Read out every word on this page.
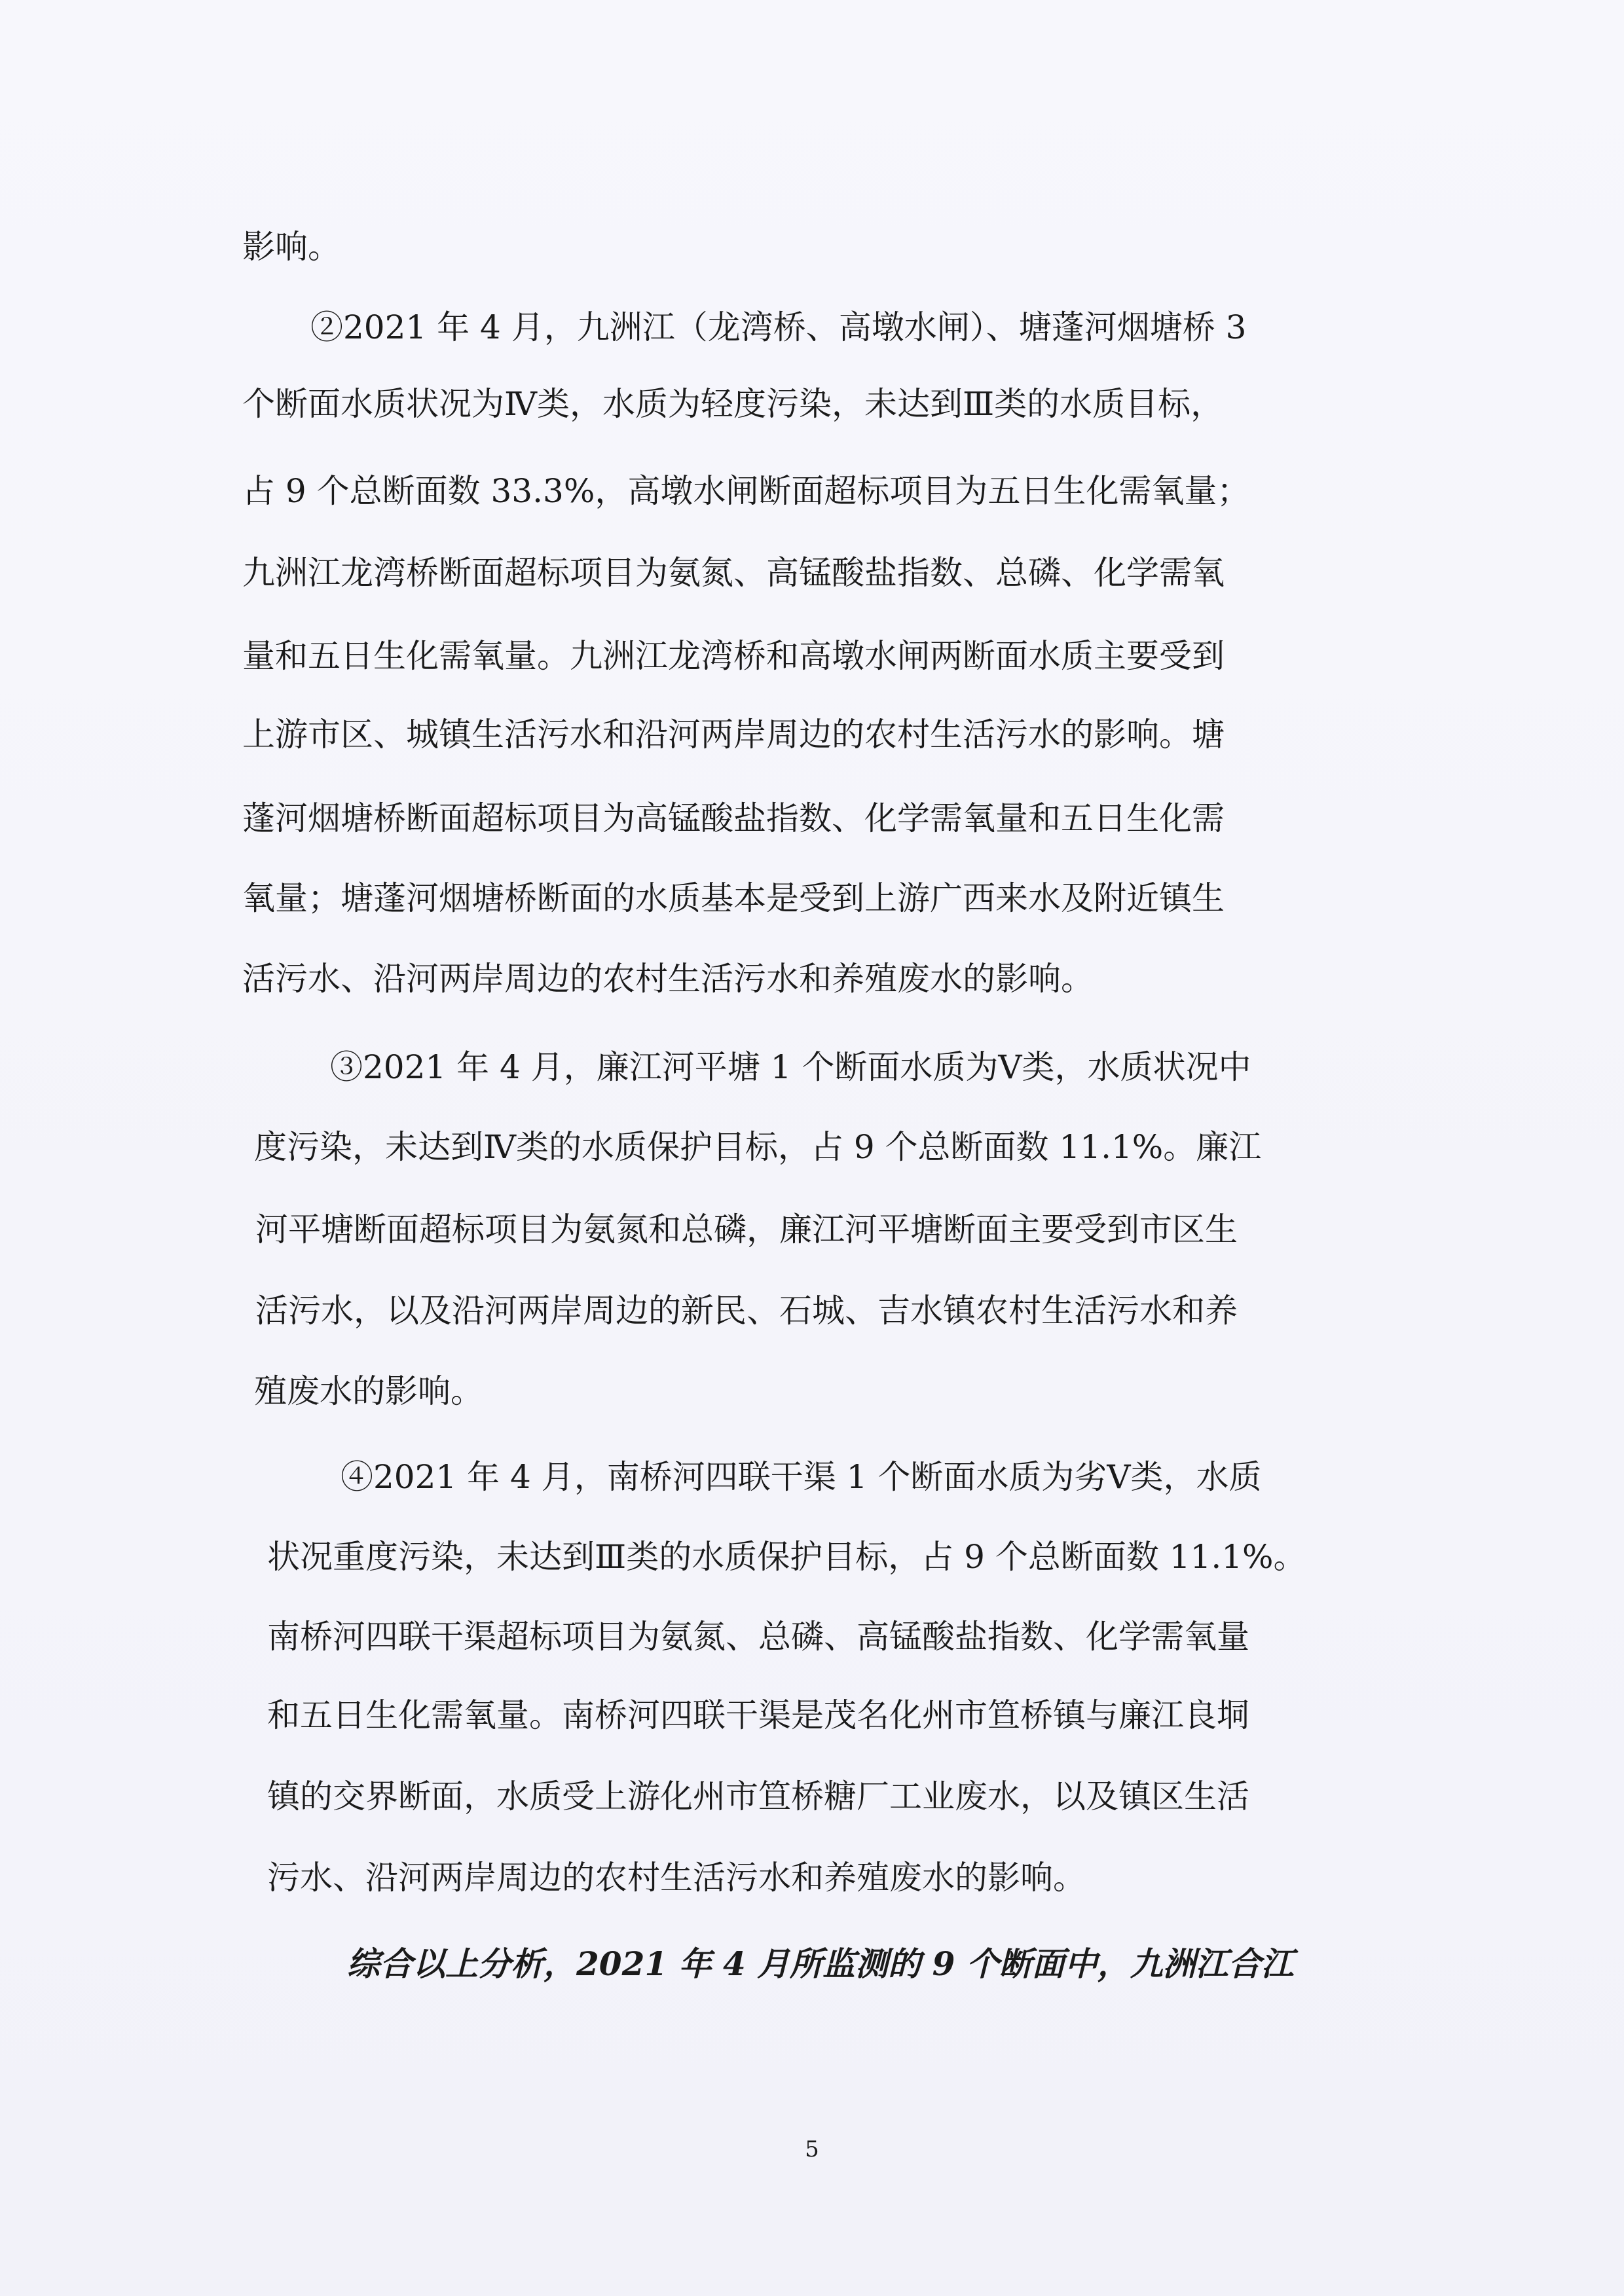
影响。
②2021 年 4 月，九洲江（龙湾桥、高墩水闸）、塘蓬河烟塘桥 3
个断面水质状况为Ⅳ类，水质为轻度污染，未达到Ⅲ类的水质目标，
占 9 个总断面数 33.3%，高墩水闸断面超标项目为五日生化需氧量；
九洲江龙湾桥断面超标项目为氨氮、高锰酸盐指数、总磷、化学需氧
量和五日生化需氧量。九洲江龙湾桥和高墩水闸两断面水质主要受到
上游市区、城镇生活污水和沿河两岸周边的农村生活污水的影响。塘
蓬河烟塘桥断面超标项目为高锰酸盐指数、化学需氧量和五日生化需
氧量；塘蓬河烟塘桥断面的水质基本是受到上游广西来水及附近镇生
活污水、沿河两岸周边的农村生活污水和养殖废水的影响。
③2021 年 4 月，廉江河平塘 1 个断面水质为Ⅴ类，水质状况中
度污染，未达到Ⅳ类的水质保护目标，占 9 个总断面数 11.1%。廉江
河平塘断面超标项目为氨氮和总磷，廉江河平塘断面主要受到市区生
活污水，以及沿河两岸周边的新民、石城、吉水镇农村生活污水和养
殖废水的影响。
④2021 年 4 月，南桥河四联干渠 1 个断面水质为劣Ⅴ类，水质
状况重度污染，未达到Ⅲ类的水质保护目标，占 9 个总断面数 11.1%。
南桥河四联干渠超标项目为氨氮、总磷、高锰酸盐指数、化学需氧量
和五日生化需氧量。南桥河四联干渠是茂名化州市笪桥镇与廉江良垌
镇的交界断面，水质受上游化州市笪桥糖厂工业废水，以及镇区生活
污水、沿河两岸周边的农村生活污水和养殖废水的影响。
综合以上分析，2021 年 4 月所监测的 9 个断面中，九洲江合江
5
